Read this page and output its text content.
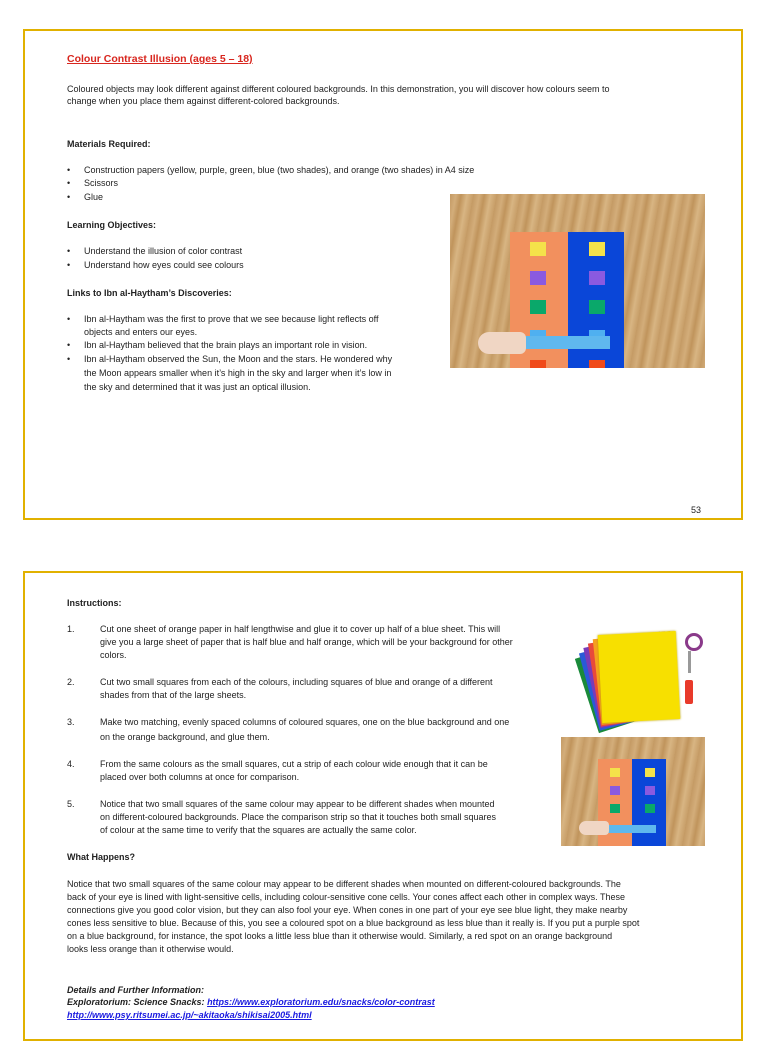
Colour Contrast Illusion (ages 5 – 18)
Coloured objects may look different against different coloured backgrounds. In this demonstration, you will discover how colours seem to
change when you place them against different-colored backgrounds.
Materials Required:
• Construction papers (yellow, purple, green, blue (two shades), and orange (two shades) in A4 size
• Scissors
• Glue
Learning Objectives:
• Understand the illusion of color contrast
• Understand how eyes could see colours
Links to Ibn al-Haytham’s Discoveries:
• Ibn al-Haytham was the first to prove that we see because light reflects off
objects and enters our eyes.
• Ibn al-Haytham believed that the brain plays an important role in vision.
• Ibn al-Haytham observed the Sun, the Moon and the stars. He wondered why
the Moon appears smaller when it’s high in the sky and larger when it’s low in
the sky and determined that it was just an optical illusion.
53
Instructions:
1.	Cut one sheet of orange paper in half lengthwise and glue it to cover up half of a blue sheet. This will
give you a large sheet of paper that is half blue and half orange, which will be your background for other
colors.
2.	Cut two small squares from each of the colours, including squares of blue and orange of a different
shades from that of the large sheets.
3.	Make two matching, evenly spaced columns of coloured squares, one on the blue background and one
on the orange background, and glue them.
4.	From the same colours as the small squares, cut a strip of each colour wide enough that it can be
placed over both columns at once for comparison.
5.	Notice that two small squares of the same colour may appear to be different shades when mounted
on different-coloured backgrounds. Place the comparison strip so that it touches both small squares
of colour at the same time to verify that the squares are actually the same color.
What Happens?
Notice that two small squares of the same colour may appear to be different shades when mounted on different-coloured backgrounds. The
back of your eye is lined with light-sensitive cells, including colour-sensitive cone cells. Your cones affect each other in complex ways. These
connections give you good color vision, but they can also fool your eye. When cones in one part of your eye see blue light, they make nearby
cones less sensitive to blue. Because of this, you see a coloured spot on a blue background as less blue than it really is. If you put a purple spot
on a blue background, for instance, the spot looks a little less blue than it otherwise would. Similarly, a red spot on an orange background
looks less orange than it otherwise would.
Details and Further Information:
Exploratorium: Science Snacks: https://www.exploratorium.edu/snacks/color-contrast
http://www.psy.ritsumei.ac.jp/~akitaoka/shikisai2005.html
